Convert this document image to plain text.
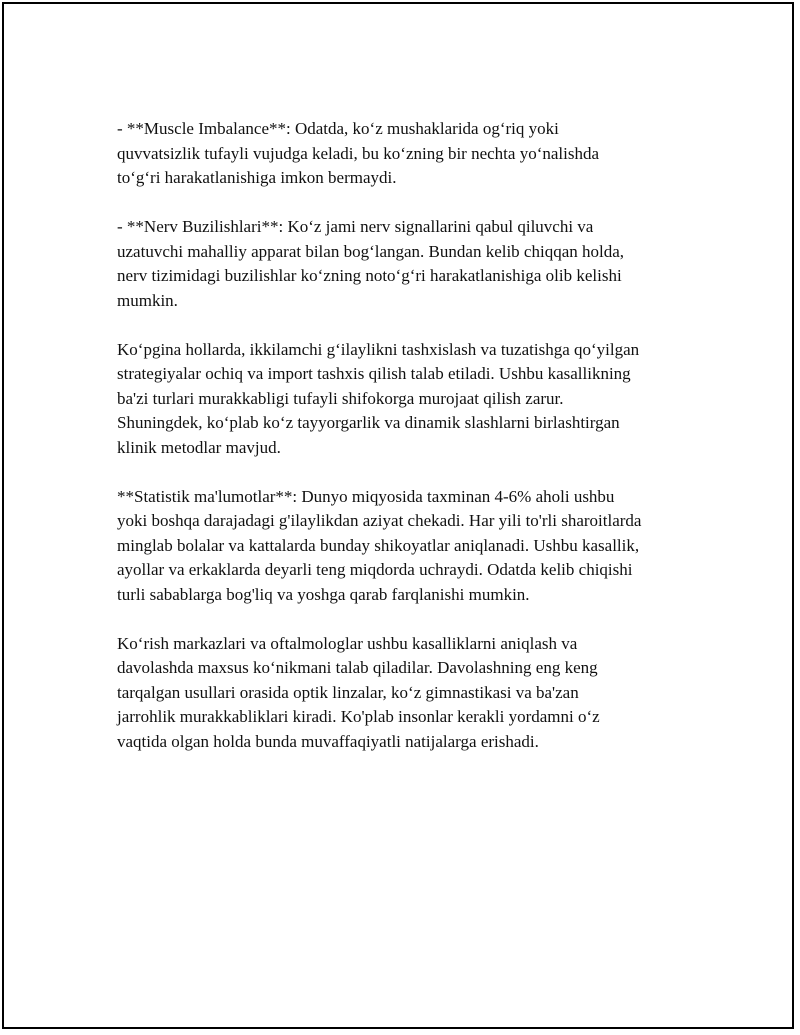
- **Muscle Imbalance**: Odatda, ko‘z mushaklarida og‘riq yoki
quvvatsizlik tufayli vujudga keladi, bu ko‘zning bir nechta yo‘nalishda
to‘g‘ri harakatlanishiga imkon bermaydi.

- **Nerv Buzilishlari**: Ko‘z jami nerv signallarini qabul qiluvchi va
uzatuvchi mahalliy apparat bilan bog‘langan. Bundan kelib chiqqan holda,
nerv tizimidagi buzilishlar ko‘zning noto‘g‘ri harakatlanishiga olib kelishi
mumkin.

Ko‘pgina hollarda, ikkilamchi g‘ilaylikni tashxislash va tuzatishga qo‘yilgan
strategiyalar ochiq va import tashxis qilish talab etiladi. Ushbu kasallikning
ba'zi turlari murakkabligi tufayli shifokorga murojaat qilish zarur.
Shuningdek, ko‘plab ko‘z tayyorgarlik va dinamik slashlarni birlashtirgan
klinik metodlar mavjud.

**Statistik ma'lumotlar**: Dunyo miqyosida taxminan 4-6% aholi ushbu
yoki boshqa darajadagi g'ilaylikdan aziyat chekadi. Har yili to'rli sharoitlarda
minglab bolalar va kattalarda bunday shikoyatlar aniqlanadi. Ushbu kasallik,
ayollar va erkaklarda deyarli teng miqdorda uchraydi. Odatda kelib chiqishi
turli sabablarga bog'liq va yoshga qarab farqlanishi mumkin.

Ko‘rish markazlari va oftalmologlar ushbu kasalliklarni aniqlash va
davolashda maxsus ko‘nikmani talab qiladilar. Davolashning eng keng
tarqalgan usullari orasida optik linzalar, ko‘z gimnastikasi va ba'zan
jarrohlik murakkabliklari kiradi. Ko'plab insonlar kerakli yordamni o‘z
vaqtida olgan holda bunda muvaffaqiyatli natijalarga erishadi.
